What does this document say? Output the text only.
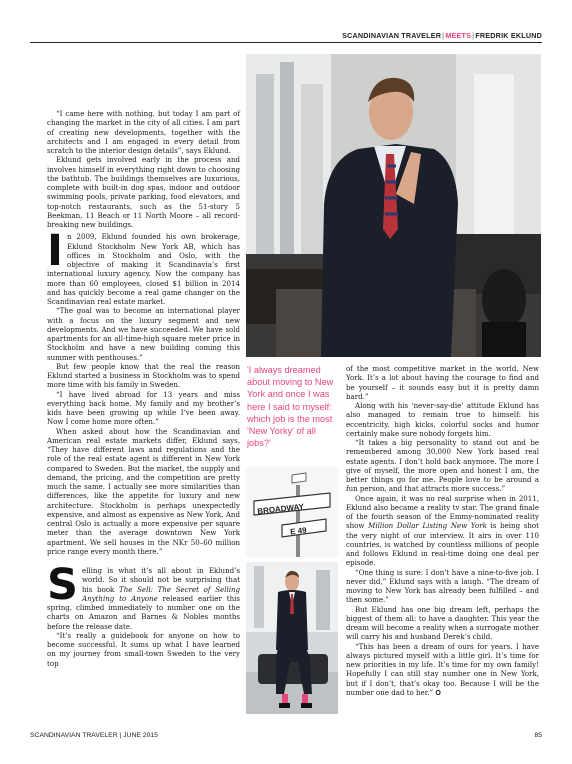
SCANDINAVIAN TRAVELER|MEETS|FREDRIK EKLUND

“I came here with nothing, but today I am part of changing the market in the city of all cities. I am part of creating new developments, together with the architects and I am engaged in every detail from scratch to the interior design details”, says Eklund.

Eklund gets involved early in the process and involves himself in everything right down to choosing the bathtub. The buildings themselves are luxurious, complete with built-in dog spas, indoor and outdoor swimming pools, private parking, food elevators, and top-notch restaurants, such as the 51-story 5 Beekman, 11 Beach or 11 North Moore – all record-breaking new buildings.

In 2009, Eklund founded his own brokerage, Eklund Stockholm New York AB, which has offices in Stockholm and Oslo, with the objective of making it Scandinavia’s first international luxury agency. Now the company has more than 60 employees, closed $1 billion in 2014 and has quickly become a real game changer on the Scandinavian real estate market.

“The goal was to become an international player with a focus on the luxury segment and new developments. And we have succeeded. We have sold apartments for an all-time-high square meter price in Stockholm and have a new building coming this summer with penthouses.”

But few people know that the real the reason Eklund started a business in Stockholm was to spend more time with his family in Sweden.

“I have lived abroad for 13 years and miss everything back home. My family and my brother’s kids have been growing up while I’ve been away. Now I come home more often.”

When asked about how the Scandinavian and American real estate markets differ, Eklund says, “They have different laws and regulations and the role of the real estate agent is different in New York compared to Sweden. But the market, the supply and demand, the pricing, and the competition are pretty much the same. I actually see more similarities than differences, like the appetite for luxury and new architecture. Stockholm is perhaps unexpectedly expensive, and almost as expensive as New York. And central Oslo is actually a more expensive per square meter than the average downtown New York apartment. We sell houses in the NKr 50–60 million price range every month there.”

Selling is what it’s all about in Eklund’s world. So it should not be surprising that his book The Sell: The Secret of Selling Anything to Anyone released earlier this spring, climbed immediately to number one on the charts on Amazon and Barnes & Nobles months before the release date.

“It’s really a guidebook for anyone on how to become successful. It sums up what I have learned on my journey from small-town Sweden to the very top

'I always dreamed about moving to New York and once I was here I said to myself: which job is the most 'New Yorky' of all jobs?'
BROADWAY
E 49

of the most competitive market in the world, New York. It’s a lot about having the courage to find and be yourself – it sounds easy but it is pretty damn hard.”

Along with his ‘never-say-die’ attitude Eklund has also managed to remain true to himself: his eccentricity, high kicks, colorful socks and humor certainly make sure nobody forgets him.

“It takes a big personality to stand out and be remembered among 30,000 New York based real estate agents. I don’t hold back anymore. The more I give of myself, the more open and honest I am, the better things go for me. People love to be around a fun person, and that attracts more success.”

Once again, it was no real surprise when in 2011, Eklund also became a reality tv star. The grand finale of the fourth season of the Emmy-nominated reality show Million Dollar Listing New York is being shot the very night of our interview. It airs in over 110 countries, is watched by countless millions of people and follows Eklund in real-time doing one deal per episode.

“One thing is sure: I don’t have a nine-to-five job. I never did,” Eklund says with a laugh. “The dream of moving to New York has already been fulfilled – and then some.”

But Eklund has one big dream left, perhaps the biggest of them all: to have a daughter. This year the dream will become a reality when a surrogate mother will carry his and husband Derek’s child.

“This has been a dream of ours for years. I have always pictured myself with a little girl. It’s time for new priorities in my life. It’s time for my own family! Hopefully I can still stay number one in New York, but if I don’t, that’s okay too. Because I will be the number one dad to her.” O

SCANDINAVIAN TRAVELER | JUNE 2015	85
